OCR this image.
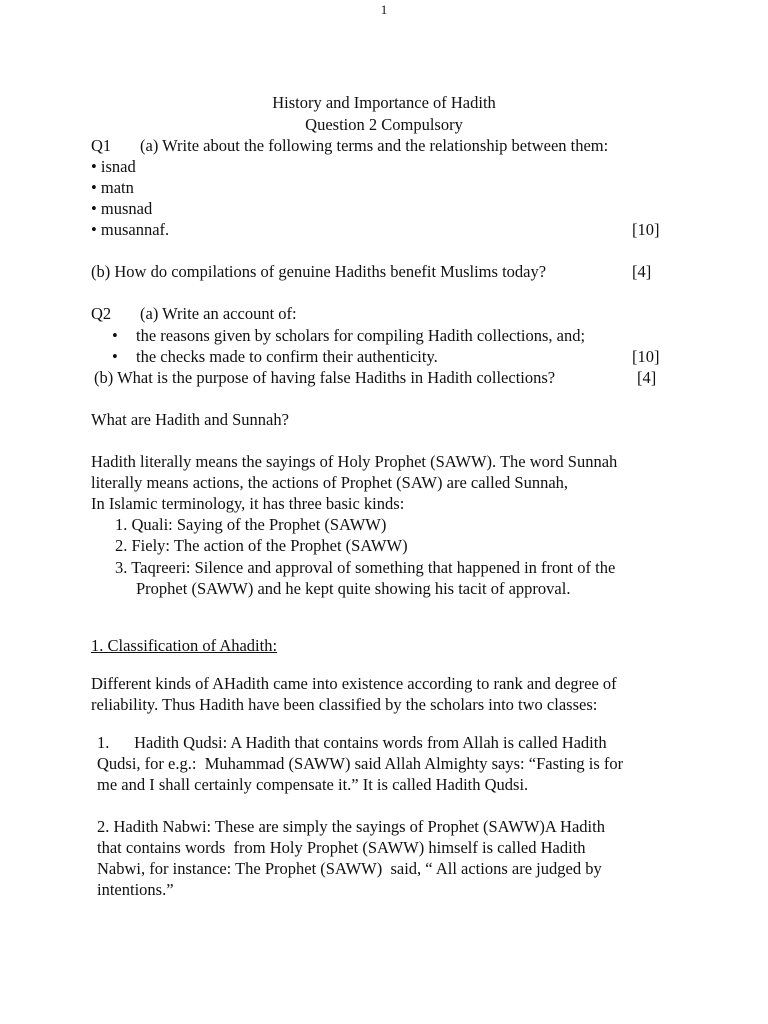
1
History and Importance of Hadith
Question 2 Compulsory
Q1 (a) Write about the following terms and the relationship between them:
• isnad
• matn
• musnad
• musannaf.	[10]
(b) How do compilations of genuine Hadiths benefit Muslims today?	[4]
Q2 (a) Write an account of:
• the reasons given by scholars for compiling Hadith collections, and;
• the checks made to confirm their authenticity.	[10]
(b) What is the purpose of having false Hadiths in Hadith collections?	[4]
What are Hadith and Sunnah?
Hadith literally means the sayings of Holy Prophet (SAWW). The word Sunnah
literally means actions, the actions of Prophet (SAW) are called Sunnah,
In Islamic terminology, it has three basic kinds:
1. Quali: Saying of the Prophet (SAWW)
2. Fiely: The action of the Prophet (SAWW)
3. Taqreeri: Silence and approval of something that happened in front of the
Prophet (SAWW) and he kept quite showing his tacit of approval.
1. Classification of Ahadith:
Different kinds of AHadith came into existence according to rank and degree of
reliability. Thus Hadith have been classified by the scholars into two classes:
1.      Hadith Qudsi: A Hadith that contains words from Allah is called Hadith
Qudsi, for e.g.:  Muhammad (SAWW) said Allah Almighty says: “Fasting is for
me and I shall certainly compensate it.” It is called Hadith Qudsi.
2. Hadith Nabwi: These are simply the sayings of Prophet (SAWW)A Hadith
that contains words  from Holy Prophet (SAWW) himself is called Hadith
Nabwi, for instance: The Prophet (SAWW)  said, “ All actions are judged by
intentions.”
